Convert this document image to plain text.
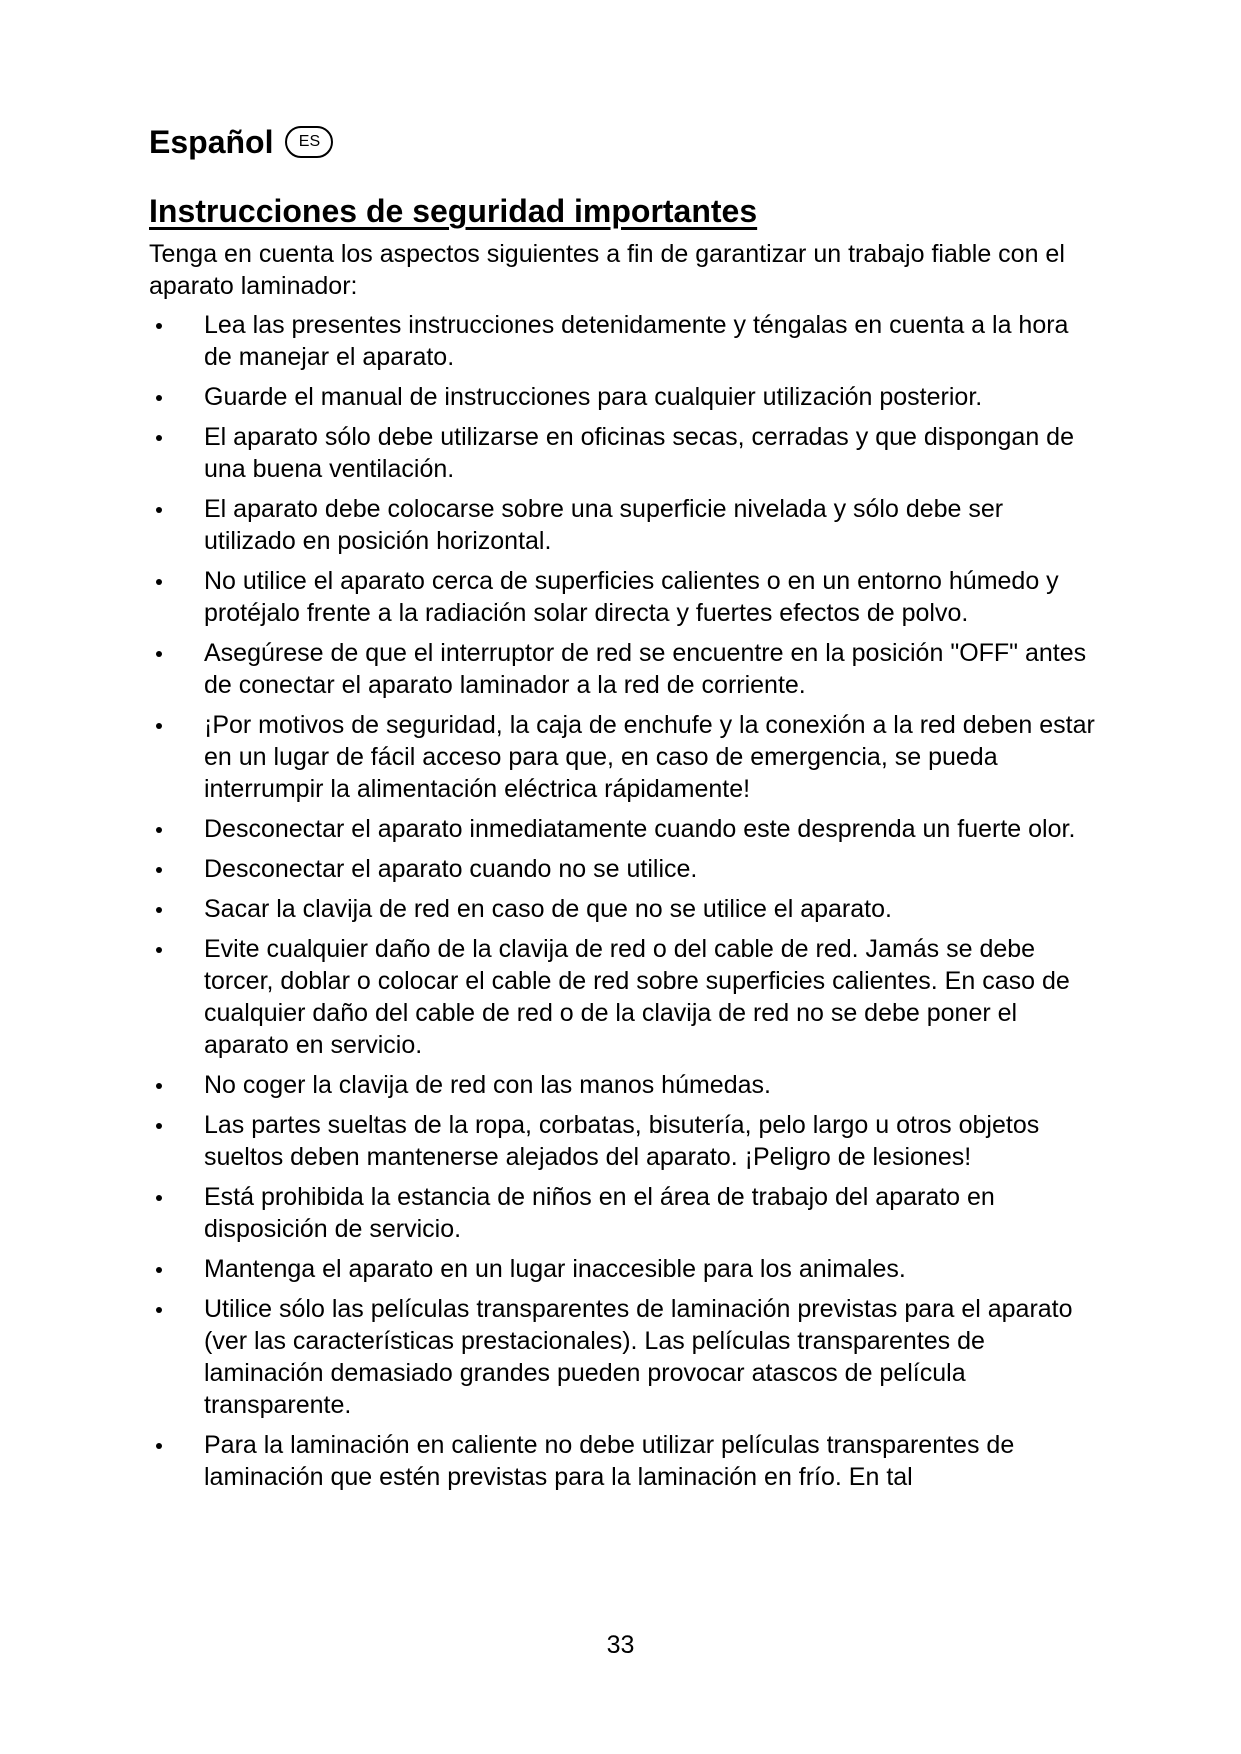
Español	ES
Instrucciones de seguridad importantes

Tenga en cuenta los aspectos siguientes a fin de garantizar un trabajo fiable con el aparato laminador:

Lea las presentes instrucciones detenidamente y téngalas en cuenta a la hora de manejar el aparato.
Guarde el manual de instrucciones para cualquier utilización posterior.
El aparato sólo debe utilizarse en oficinas secas, cerradas y que dispongan de una buena ventilación.
El aparato debe colocarse sobre una superficie nivelada y sólo debe ser utilizado en posición horizontal.
No utilice el aparato cerca de superficies calientes o en un entorno húmedo y protéjalo frente a la radiación solar directa y fuertes efectos de polvo.
Asegúrese de que el interruptor de red se encuentre en la posición "OFF" antes de conectar el aparato laminador a la red de corriente.
¡Por motivos de seguridad, la caja de enchufe y la conexión a la red deben estar en un lugar de fácil acceso para que, en caso de emergencia, se pueda interrumpir la alimentación eléctrica rápidamente!
Desconectar el aparato inmediatamente cuando este desprenda un fuerte olor.
Desconectar el aparato cuando no se utilice.
Sacar la clavija de red en caso de que no se utilice el aparato.
Evite cualquier daño de la clavija de red o del cable de red. Jamás se debe torcer, doblar o colocar el cable de red sobre superficies calientes. En caso de cualquier daño del cable de red o de la clavija de red no se debe poner el aparato en servicio.
No coger la clavija de red con las manos húmedas.
Las partes sueltas de la ropa, corbatas, bisutería, pelo largo u otros objetos sueltos deben mantenerse alejados del aparato. ¡Peligro de lesiones!
Está prohibida la estancia de niños en el área de trabajo del aparato en disposición de servicio.
Mantenga el aparato en un lugar inaccesible para los animales.
Utilice sólo las películas transparentes de laminación previstas para el aparato (ver las características prestacionales). Las películas transparentes de laminación demasiado grandes pueden provocar atascos de película transparente.
Para la laminación en caliente no debe utilizar películas transparentes de laminación que estén previstas para la laminación en frío. En tal
33
